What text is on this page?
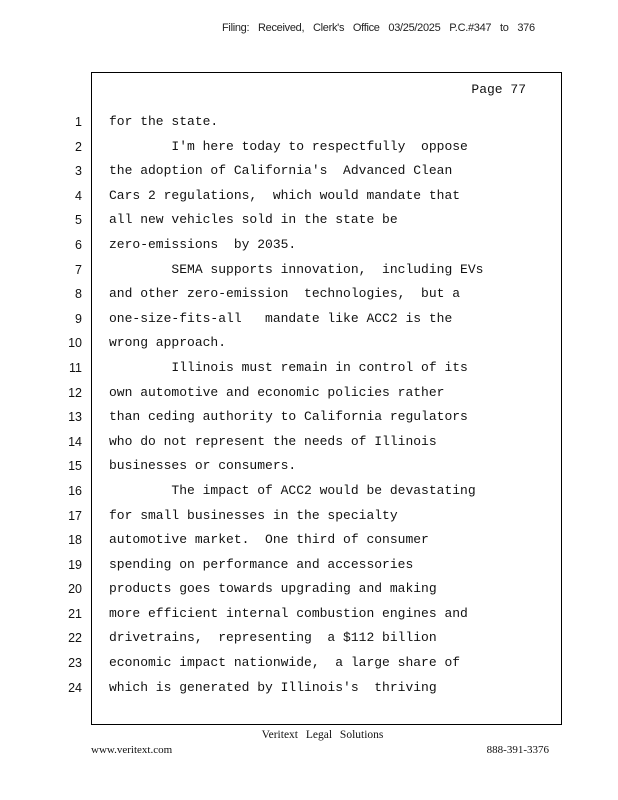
Filing: Received, Clerk's Office 03/25/2025 P.C.#347 to 376
Page 77
1
2
3
4
5
6
7
8
9
10
11
12
13
14
15
16
17
18
19
20
21
22
23
24
for the state.
I'm here today to respectfully  oppose
the adoption of California's  Advanced Clean
Cars 2 regulations,  which would mandate that
all new vehicles sold in the state be
zero-emissions  by 2035.
SEMA supports innovation,  including EVs
and other zero-emission  technologies,  but a
one-size-fits-all   mandate like ACC2 is the
wrong approach.
Illinois must remain in control of its
own automotive and economic policies rather
than ceding authority to California regulators
who do not represent the needs of Illinois
businesses or consumers.
The impact of ACC2 would be devastating
for small businesses in the specialty
automotive market.  One third of consumer
spending on performance and accessories
products goes towards upgrading and making
more efficient internal combustion engines and
drivetrains,  representing  a $112 billion
economic impact nationwide,  a large share of
which is generated by Illinois's  thriving
Veritext Legal Solutions
www.veritext.com	888-391-3376
